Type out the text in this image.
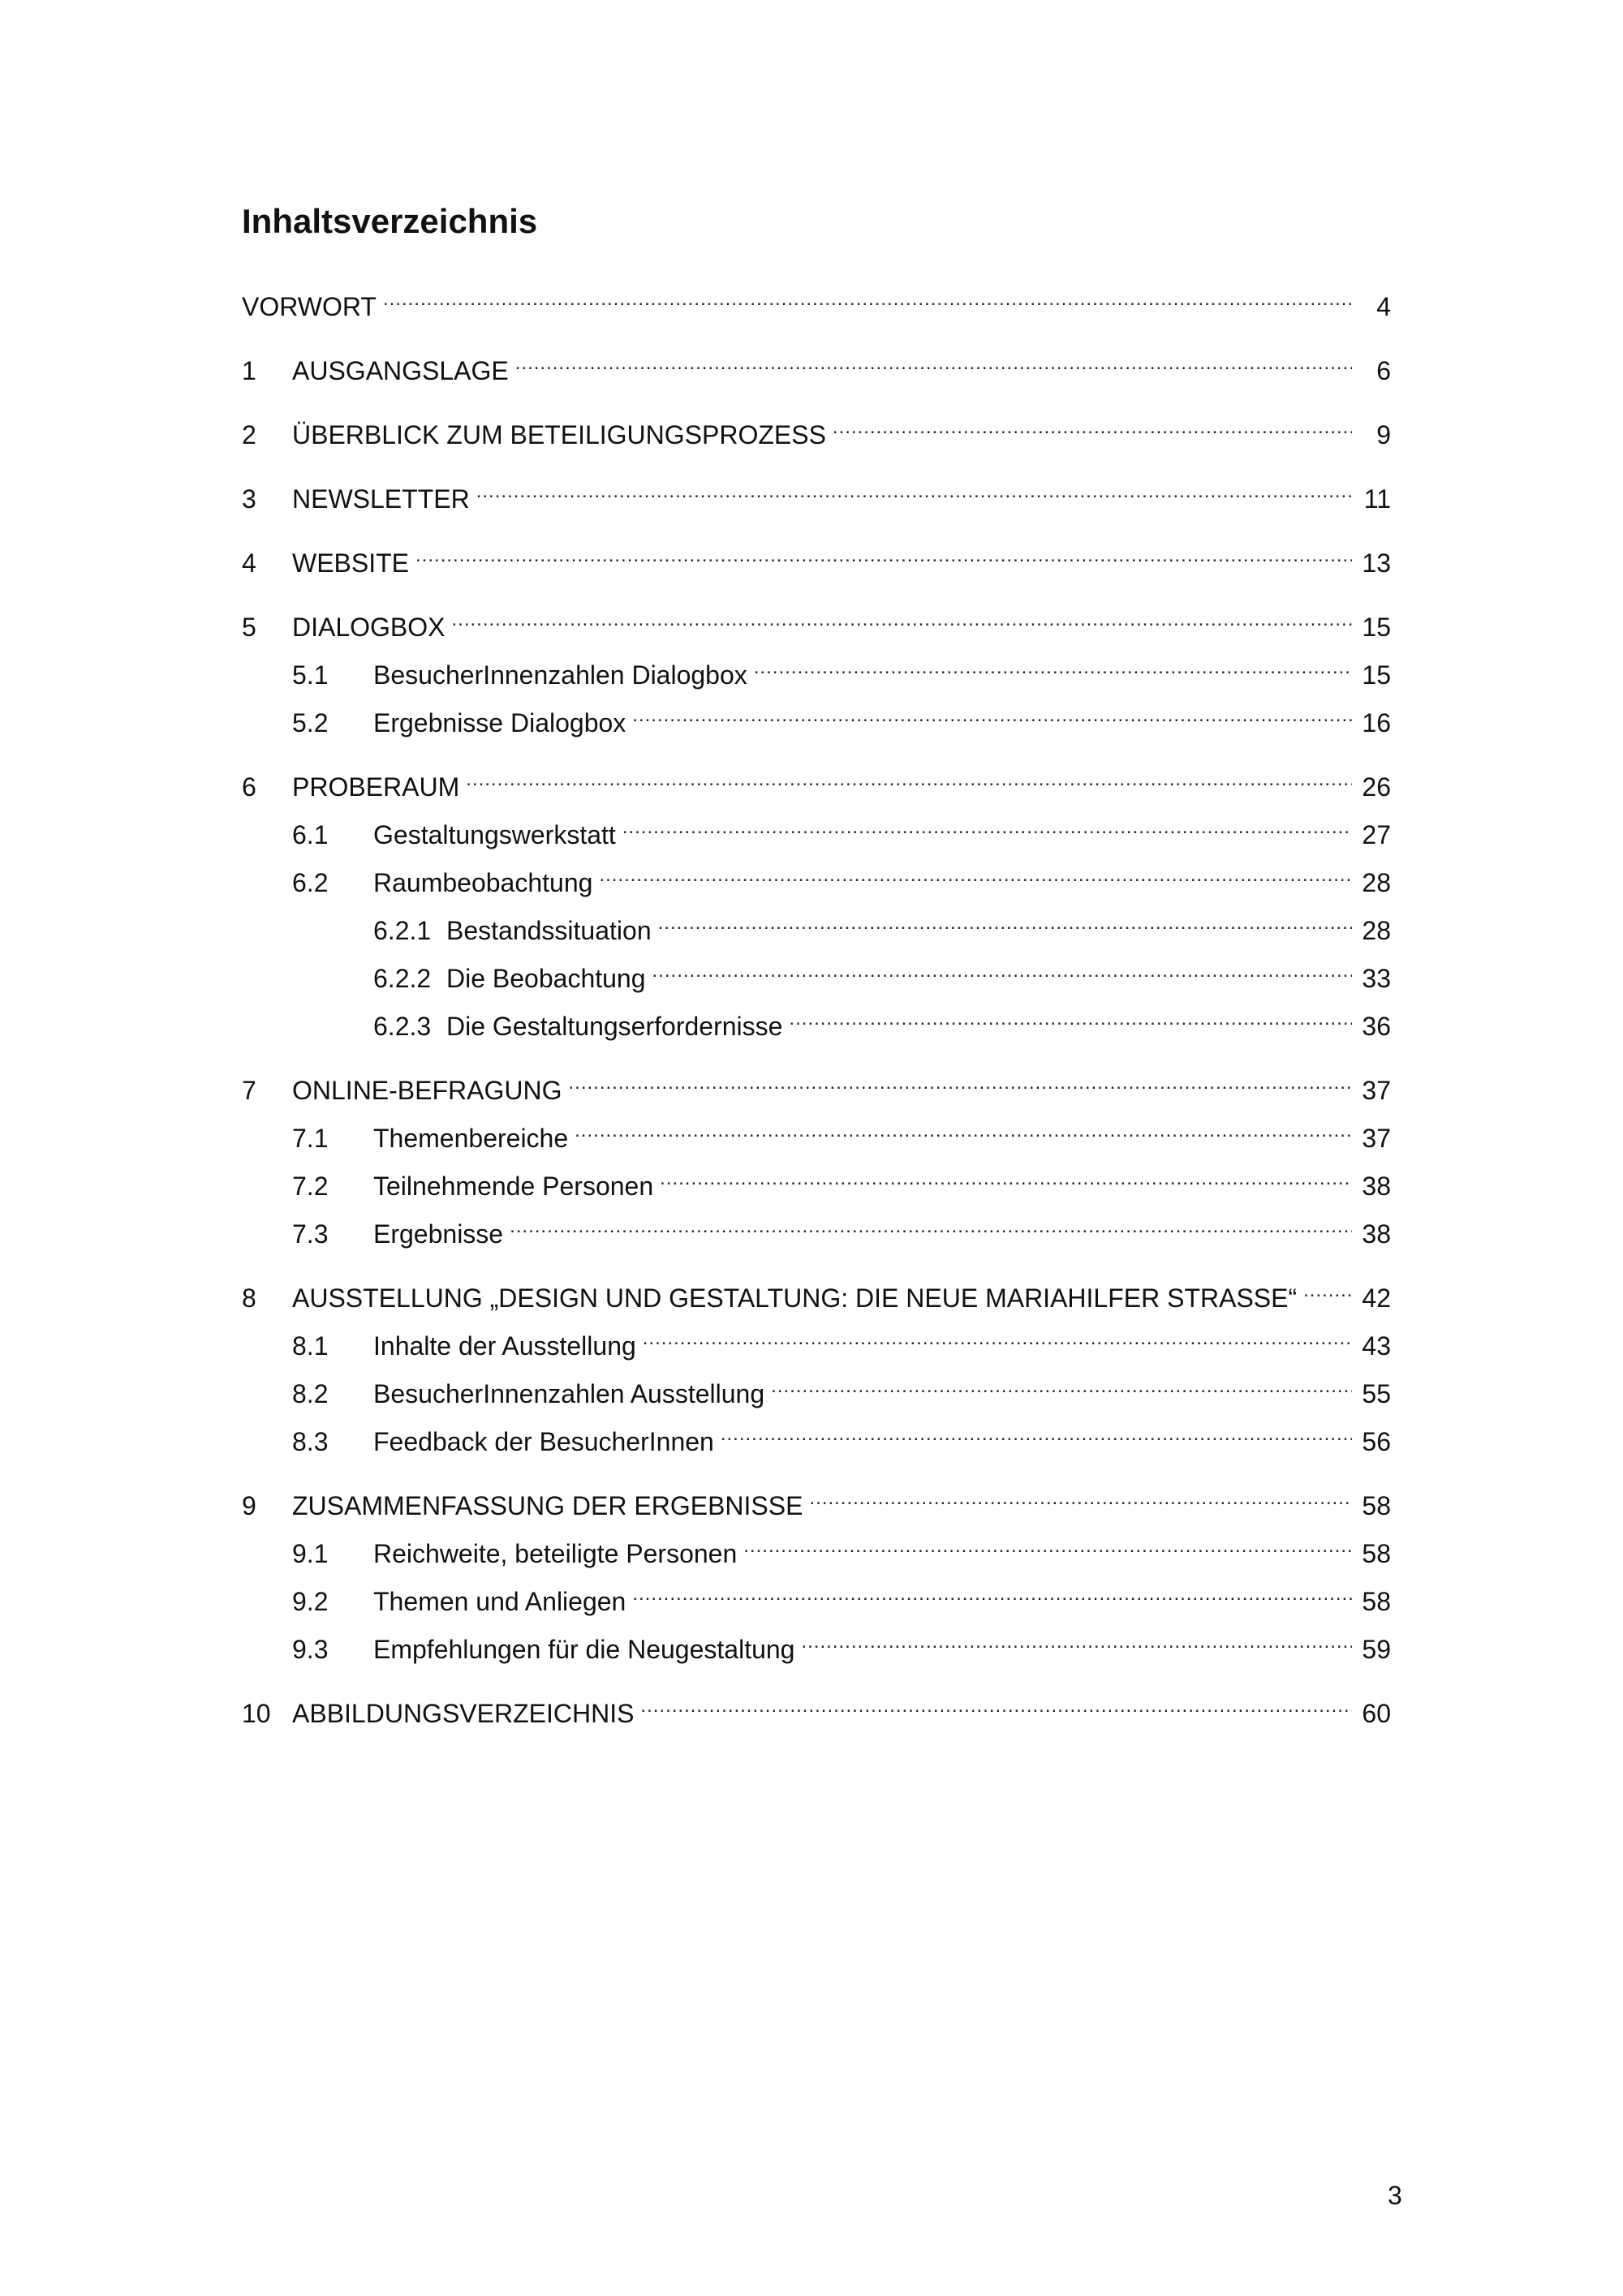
Inhaltsverzeichnis
VORWORT .....	4
1	AUSGANGSLAGE .....	6
2	ÜBERBLICK ZUM BETEILIGUNGSPROZESS .....	9
3	NEWSLETTER .....	11
4	WEBSITE .....	13
5	DIALOGBOX .....	15
5.1	BesucherInnenzahlen Dialogbox .....	15
5.2	Ergebnisse Dialogbox .....	16
6	PROBERAUM .....	26
6.1	Gestaltungswerkstatt .....	27
6.2	Raumbeobachtung .....	28
6.2.1 Bestandssituation .....	28
6.2.2 Die Beobachtung .....	33
6.2.3 Die Gestaltungserfordernisse .....	36
7	ONLINE-BEFRAGUNG .....	37
7.1	Themenbereiche .....	37
7.2	Teilnehmende Personen .....	38
7.3	Ergebnisse .....	38
8	AUSSTELLUNG „DESIGN UND GESTALTUNG: DIE NEUE MARIAHILFER STRASSE“ .....	42
8.1	Inhalte der Ausstellung .....	43
8.2	BesucherInnenzahlen Ausstellung .....	55
8.3	Feedback der BesucherInnen .....	56
9	ZUSAMMENFASSUNG DER ERGEBNISSE .....	58
9.1	Reichweite, beteiligte Personen .....	58
9.2	Themen und Anliegen .....	58
9.3	Empfehlungen für die Neugestaltung .....	59
10 ABBILDUNGSVERZEICHNIS .....	60
3
